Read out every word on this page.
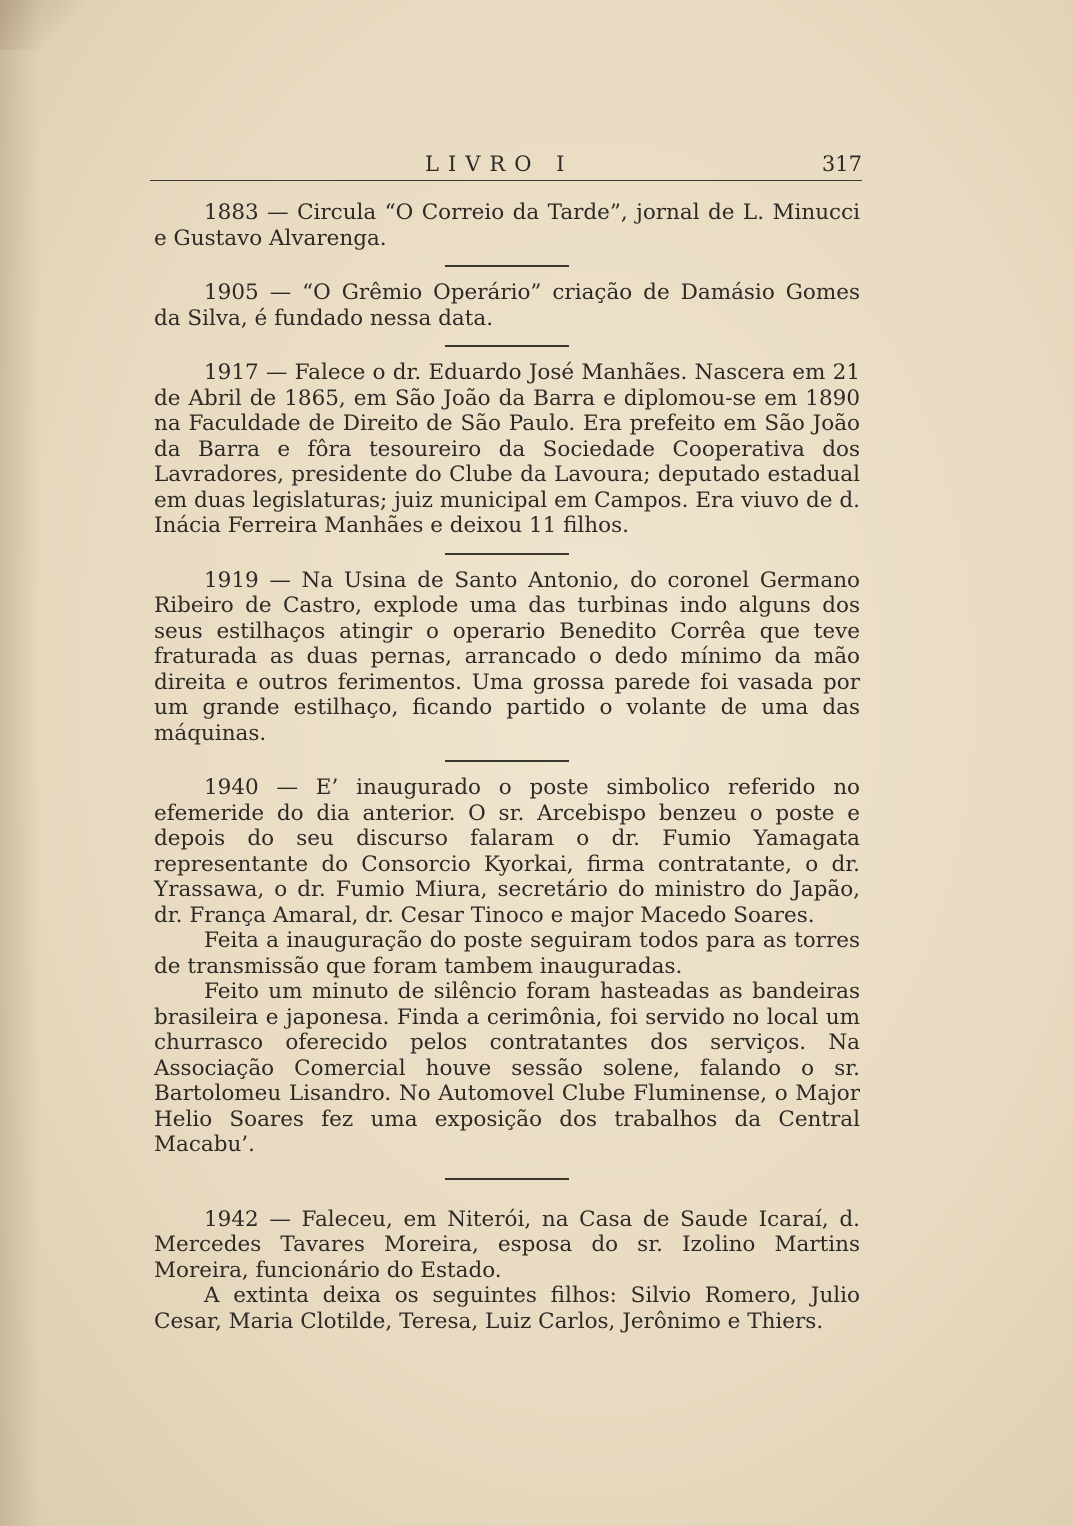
LIVRO I	317

1883 — Circula “O Correio da Tarde”, jornal de L. Minucci e Gustavo Alvarenga.

1905 — “O Grêmio Operário” criação de Damásio Gomes da Silva, é fundado nessa data.

1917 — Falece o dr. Eduardo José Manhães. Nascera em 21 de Abril de 1865, em São João da Barra e diplomou-se em 1890 na Faculdade de Direito de São Paulo. Era prefeito em São João da Barra e fôra tesoureiro da Sociedade Cooperativa dos Lavradores, presidente do Clube da Lavoura; deputado estadual em duas legislaturas; juiz municipal em Campos. Era viuvo de d. Inácia Ferreira Manhães e deixou 11 filhos.

1919 — Na Usina de Santo Antonio, do coronel Germano Ribeiro de Castro, explode uma das turbinas indo alguns dos seus estilhaços atingir o operario Benedito Corrêa que teve fraturada as duas pernas, arrancado o dedo mínimo da mão direita e outros ferimentos. Uma grossa parede foi vasada por um grande estilhaço, ficando partido o volante de uma das máquinas.

1940 — E’ inaugurado o poste simbolico referido no efemeride do dia anterior. O sr. Arcebispo benzeu o poste e depois do seu discurso falaram o dr. Fumio Yamagata representante do Consorcio Kyorkai, firma contratante, o dr. Yrassawa, o dr. Fumio Miura, secretário do ministro do Japão, dr. França Amaral, dr. Cesar Tinoco e major Macedo Soares.

Feita a inauguração do poste seguiram todos para as torres de transmissão que foram tambem inauguradas.

Feito um minuto de silêncio foram hasteadas as bandeiras brasileira e japonesa. Finda a cerimônia, foi servido no local um churrasco oferecido pelos contratantes dos serviços. Na Associação Comercial houve sessão solene, falando o sr. Bartolomeu Lisandro. No Automovel Clube Fluminense, o Major Helio Soares fez uma exposição dos trabalhos da Central Macabu’.

1942 — Faleceu, em Niterói, na Casa de Saude Icaraí, d. Mercedes Tavares Moreira, esposa do sr. Izolino Martins Moreira, funcionário do Estado.

A extinta deixa os seguintes filhos: Silvio Romero, Julio Cesar, Maria Clotilde, Teresa, Luiz Carlos, Jerônimo e Thiers.
